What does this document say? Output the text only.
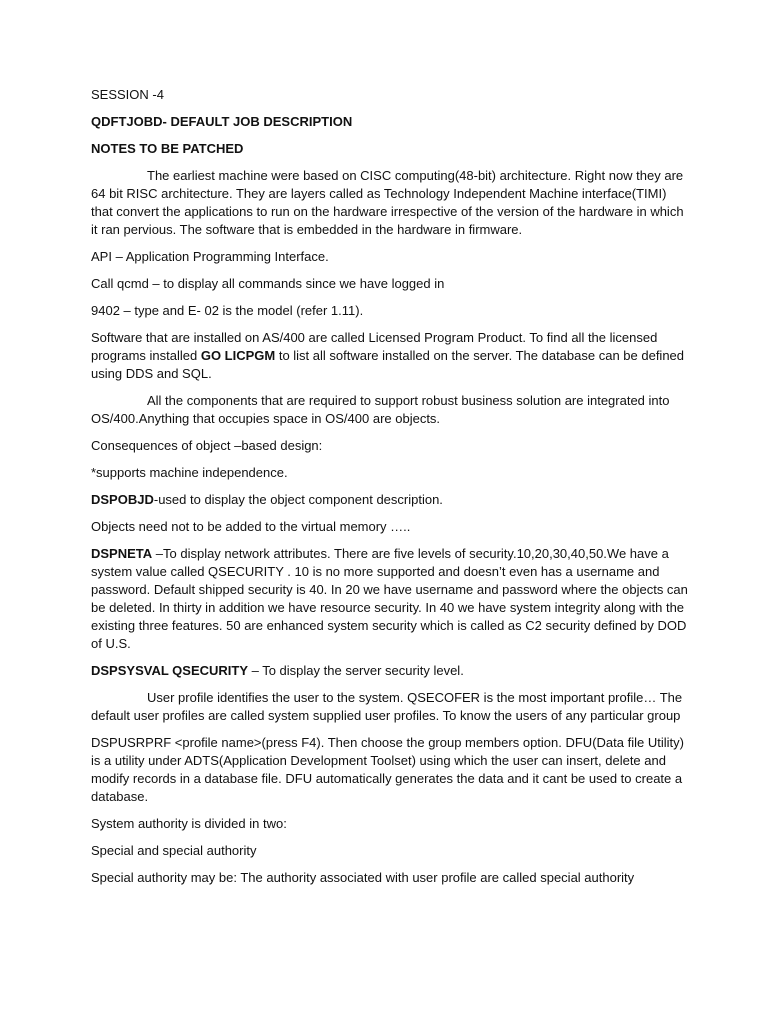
SESSION -4

QDFTJOBD- DEFAULT JOB DESCRIPTION

NOTES TO BE PATCHED

The earliest machine were based on CISC computing(48-bit) architecture. Right now they are 64 bit RISC architecture. They are layers called as Technology Independent Machine interface(TIMI) that convert the applications to run on the hardware irrespective of the version of the hardware in which it ran pervious. The software that is embedded in the hardware in firmware.

API – Application Programming Interface.

Call qcmd – to display all commands since we have logged in

9402 – type and E- 02 is the model (refer 1.11).

Software that are installed on AS/400 are called Licensed Program Product. To find all the licensed programs installed GO LICPGM to list all software installed on the server. The database can be defined using DDS and SQL.

All the components that are required to support robust business solution are integrated into OS/400.Anything that occupies space in OS/400 are objects.

Consequences of object –based design:

*supports machine independence.

DSPOBJD-used to display the object component description.

Objects need not to be added to the virtual memory …..

DSPNETA –To display network attributes. There are five levels of security.10,20,30,40,50.We have a system value called QSECURITY . 10 is no more supported and doesn’t even has a username and password. Default shipped security is 40. In 20 we have username and password where the objects can be deleted. In thirty in addition we have resource security. In 40 we have system integrity along with the existing three features. 50 are enhanced system security which is called as C2 security defined by DOD of U.S.

DSPSYSVAL QSECURITY – To display the server security level.

User profile identifies the user to the system. QSECOFER is the most important profile… The default user profiles are called system supplied user profiles. To know the users of any particular group

DSPUSRPRF <profile name>(press F4). Then choose the group members option. DFU(Data file Utility) is a utility under ADTS(Application Development Toolset) using which the user can insert, delete and modify records in a database file. DFU automatically generates the data and it cant be used to create a database.

System authority is divided in two:

Special and special authority

Special authority may be: The authority associated with user profile are called special authority
